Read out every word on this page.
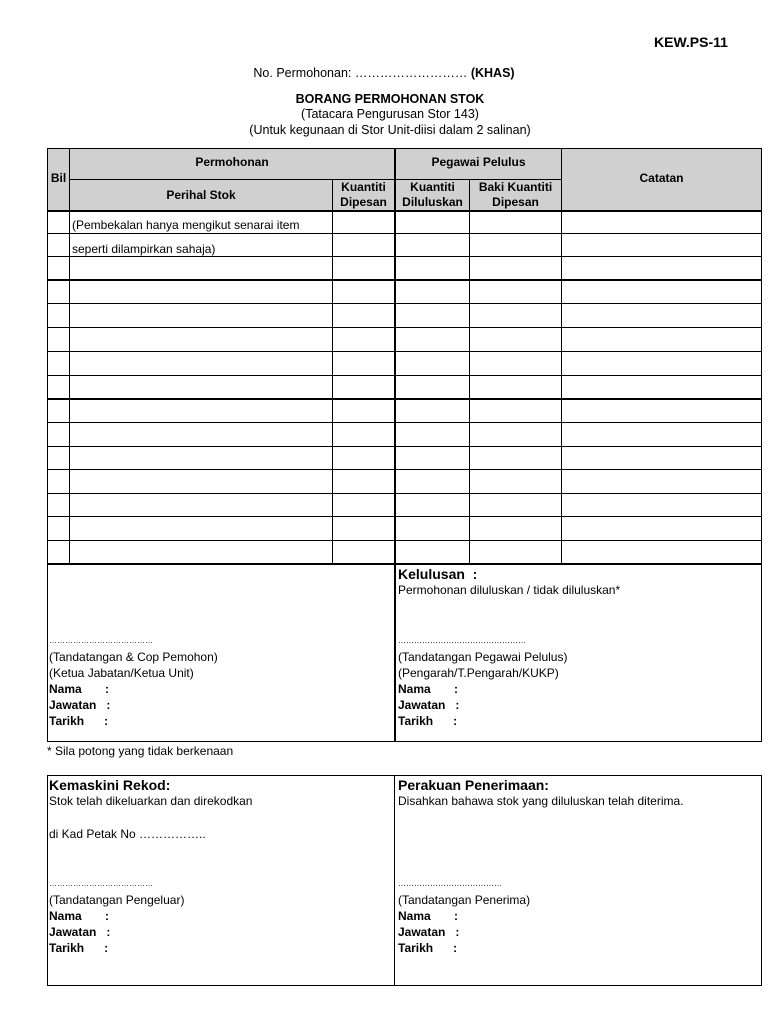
KEW.PS-11
No. Permohonan: ……………………… (KHAS)
BORANG PERMOHONAN STOK
(Tatacara Pengurusan Stor 143)
(Untuk kegunaan di Stor Unit-diisi dalam 2 salinan)
Bil
Permohonan	Pegawai Pelulus
Catatan
Perihal Stok
Kuantiti Dipesan
Kuantiti Diluluskan
Baki Kuantiti Dipesan
(Pembekalan hanya mengikut senarai item
seperti dilampirkan sahaja)
…………………………………
(Tandatangan & Cop Pemohon)
(Ketua Jabatan/Ketua Unit)
Nama       :
Jawatan   :
Tarikh      :
Kelulusan  :
Permohonan diluluskan / tidak diluluskan*
…………………………………………
(Tandatangan Pegawai Pelulus)
(Pengarah/T.Pengarah/KUKP)
Nama       :
Jawatan   :
Tarikh      :
* Sila potong yang tidak berkenaan
Kemaskini Rekod:
Stok telah dikeluarkan dan direkodkan
di Kad Petak No ……………..
…………………………………
(Tandatangan Pengeluar)
Nama       :
Jawatan   :
Tarikh      :
Perakuan Penerimaan:
Disahkan bahawa stok yang diluluskan telah diterima.
…………………………………
(Tandatangan Penerima)
Nama       :
Jawatan   :
Tarikh      :
